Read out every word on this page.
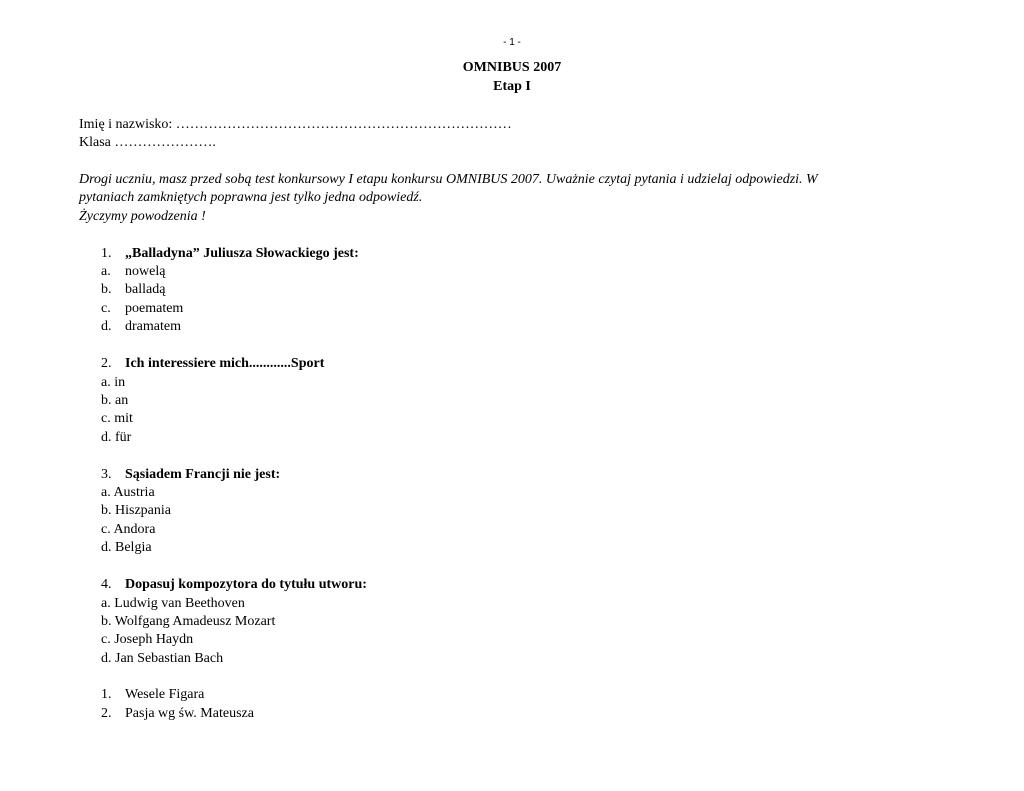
- 1 -
OMNIBUS 2007
Etap I
Imię i nazwisko: ………………………………………………………………
Klasa ………………….
Drogi uczniu, masz przed sobą test konkursowy I etapu konkursu OMNIBUS 2007. Uważnie czytaj pytania i udzielaj odpowiedzi. W
pytaniach zamkniętych poprawna jest tylko jedna odpowiedź.
Życzymy powodzenia !
1. „Balladyna” Juliusza Słowackiego jest:
a. nowelą
b. balladą
c. poematem
d. dramatem
2. Ich interessiere mich............Sport
a. in
b. an
c. mit
d. für
3. Sąsiadem Francji nie jest:
a. Austria
b. Hiszpania
c. Andora
d. Belgia
4. Dopasuj kompozytora do tytułu utworu:
a. Ludwig van Beethoven
b. Wolfgang Amadeusz Mozart
c. Joseph Haydn
d. Jan Sebastian Bach
1. Wesele Figara
2. Pasja wg św. Mateusza
